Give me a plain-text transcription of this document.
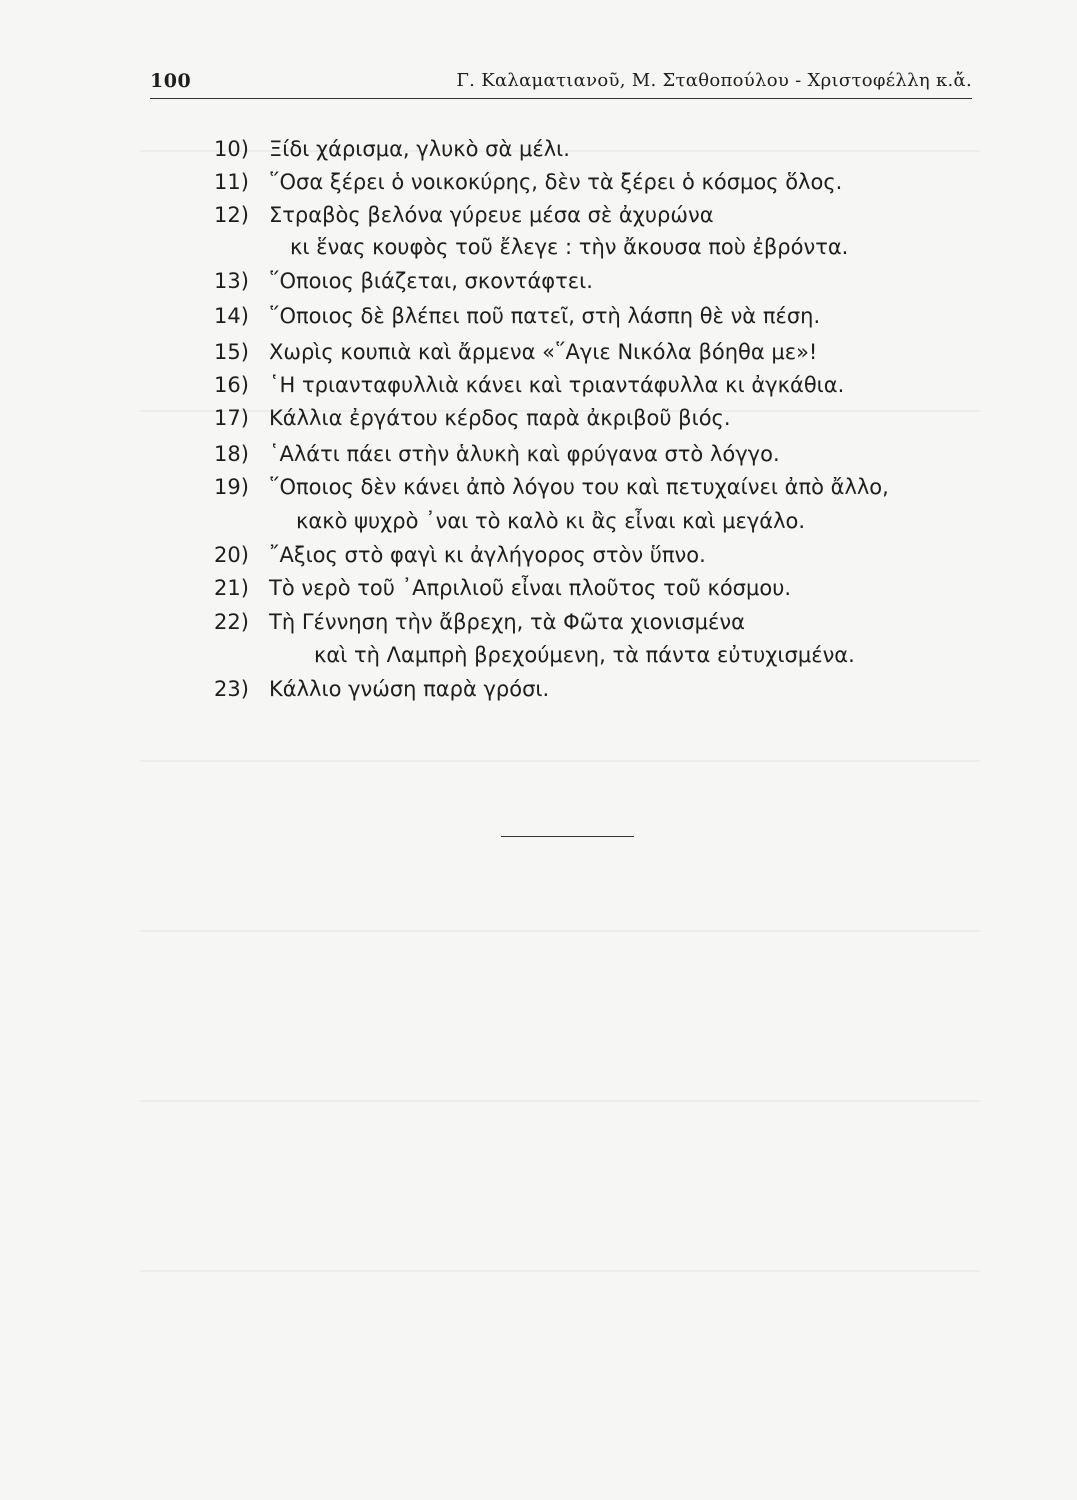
100	Γ. Καλαματιανοῦ, Μ. Σταθοπούλου - Χριστοφέλλη κ.ἄ.
10) Ξίδι χάρισμα, γλυκὸ σὰ μέλι.
11) ῞Οσα ξέρει ὁ νοικοκύρης, δὲν τὰ ξέρει ὁ κόσμος ὅλος.
12) Στραβὸς βελόνα γύρευε μέσα σὲ ἀχυρώνα
κι ἕνας κουφὸς τοῦ ἔλεγε : τὴν ἄκουσα ποὺ ἐβρόντα.
13) ῞Οποιος βιάζεται, σκοντάφτει.
14) ῞Οποιος δὲ βλέπει ποῦ πατεῖ, στὴ λάσπη θὲ νὰ πέση.
15) Χωρὶς κουπιὰ καὶ ἄρμενα «῞Αγιε Νικόλα βόηθα με»!
16) ῾Η τριανταφυλλιὰ κάνει καὶ τριαντάφυλλα κι ἀγκάθια.
17) Κάλλια ἐργάτου κέρδος παρὰ ἀκριβοῦ βιός.
18) ῾Αλάτι πάει στὴν ἁλυκὴ καὶ φρύγανα στὸ λόγγο.
19) ῞Οποιος δὲν κάνει ἀπὸ λόγου του καὶ πετυχαίνει ἀπὸ ἄλλο,
κακὸ ψυχρὸ ᾽ναι τὸ καλὸ κι ἂς εἶναι καὶ μεγάλο.
20) ῎Αξιος στὸ φαγὶ κι ἀγλήγορος στὸν ὕπνο.
21) Τὸ νερὸ τοῦ ᾽Απριλιοῦ εἶναι πλοῦτος τοῦ κόσμου.
22) Τὴ Γέννηση τὴν ἄβρεχη, τὰ Φῶτα χιονισμένα
καὶ τὴ Λαμπρὴ βρεχούμενη, τὰ πάντα εὐτυχισμένα.
23) Κάλλιο γνώση παρὰ γρόσι.
